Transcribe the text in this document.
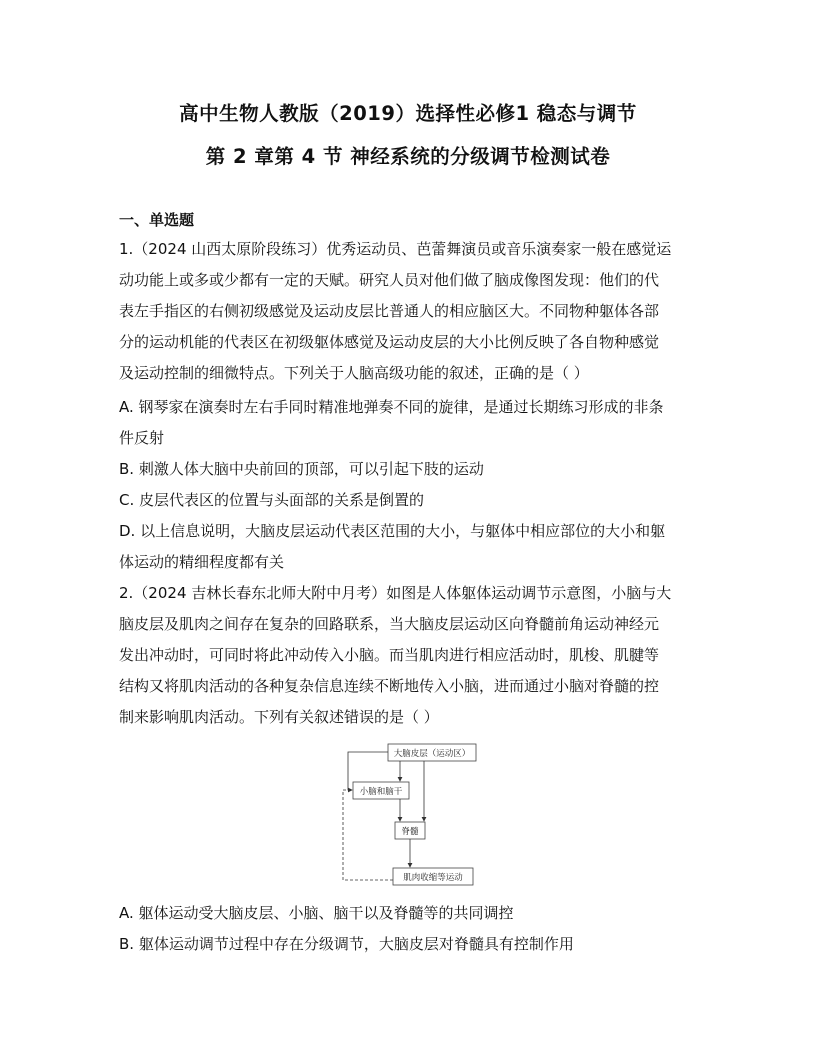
高中生物人教版（2019）选择性必修1 稳态与调节
第 2 章第 4 节 神经系统的分级调节检测试卷
一、单选题
1.（2024 山西太原阶段练习）优秀运动员、芭蕾舞演员或音乐演奏家一般在感觉运
动功能上或多或少都有一定的天赋。研究人员对他们做了脑成像图发现：他们的代
表左手指区的右侧初级感觉及运动皮层比普通人的相应脑区大。不同物种躯体各部
分的运动机能的代表区在初级躯体感觉及运动皮层的大小比例反映了各自物种感觉
及运动控制的细微特点。下列关于人脑高级功能的叙述，正确的是（ ）
A. 钢琴家在演奏时左右手同时精准地弹奏不同的旋律，是通过长期练习形成的非条
件反射
B. 刺激人体大脑中央前回的顶部，可以引起下肢的运动
C. 皮层代表区的位置与头面部的关系是倒置的
D. 以上信息说明，大脑皮层运动代表区范围的大小，与躯体中相应部位的大小和躯
体运动的精细程度都有关
2.（2024 吉林长春东北师大附中月考）如图是人体躯体运动调节示意图，小脑与大
脑皮层及肌肉之间存在复杂的回路联系，当大脑皮层运动区向脊髓前角运动神经元
发出冲动时，可同时将此冲动传入小脑。而当肌肉进行相应活动时，肌梭、肌腱等
结构又将肌肉活动的各种复杂信息连续不断地传入小脑，进而通过小脑对脊髓的控
制来影响肌肉活动。下列有关叙述错误的是（ ）
大脑皮层（运动区）
小脑和脑干
脊髓
肌肉收缩等运动
A. 躯体运动受大脑皮层、小脑、脑干以及脊髓等的共同调控
B. 躯体运动调节过程中存在分级调节，大脑皮层对脊髓具有控制作用
